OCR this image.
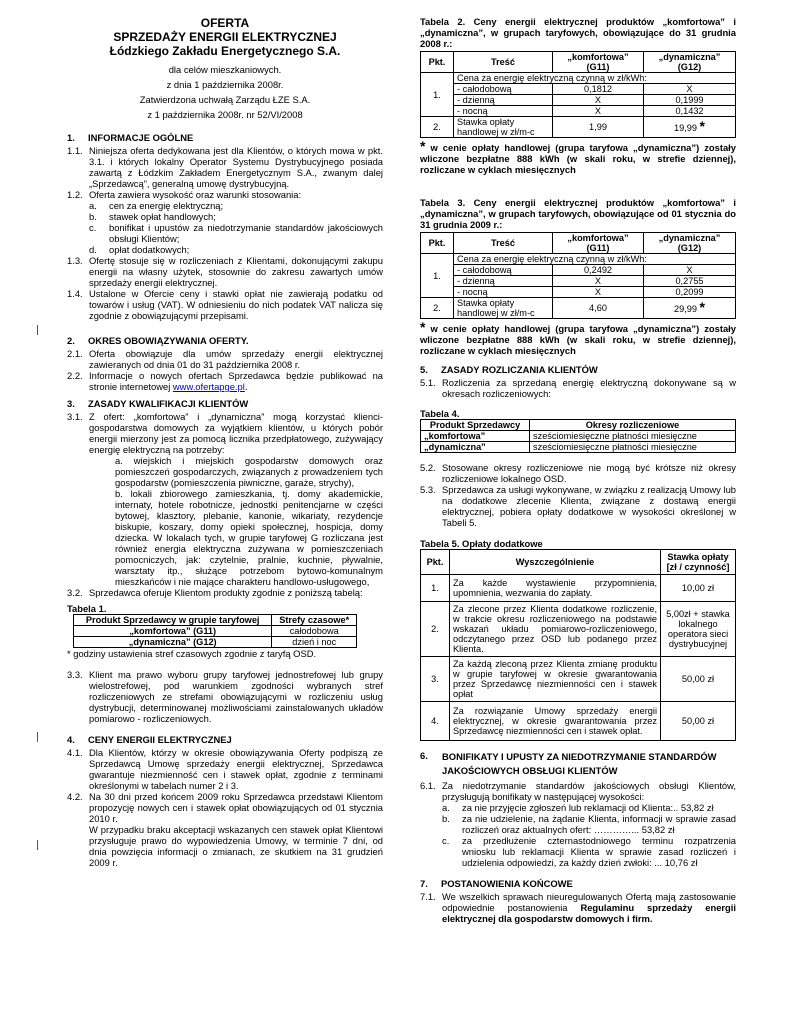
OFERTA
SPRZEDAŻY ENERGII ELEKTRYCZNEJ
Łódzkiego Zakładu Energetycznego S.A.
dla celów mieszkaniowych.
z dnia 1 października 2008r.
Zatwierdzona uchwałą Zarządu ŁZE S.A.
z 1 października 2008r. nr 52/VI/2008
1. INFORMACJE OGÓLNE
1.1. Niniejsza oferta dedykowana jest dla Klientów, o których mowa w pkt. 3.1. i których lokalny Operator Systemu Dystrybucyjnego posiada zawartą z Łódzkim Zakładem Energetycznym S.A., zwanym dalej „Sprzedawcą”, generalną umowę dystrybucyjną.
1.2. Oferta zawiera wysokość oraz warunki stosowania:
a.	cen za energię elektryczną;
b.	stawek opłat handlowych;
c.	bonifikat i upustów za niedotrzymanie standardów jakościowych obsługi Klientów;
d.	opłat dodatkowych;
1.3. Ofertę stosuje się w rozliczeniach z Klientami, dokonującymi zakupu energii na własny użytek, stosownie do zakresu zawartych umów sprzedaży energii elektrycznej.
1.4. Ustalone w Ofercie ceny i stawki opłat nie zawierają podatku od towarów i usług (VAT). W odniesieniu do nich podatek VAT nalicza się zgodnie z obowiązującymi przepisami.
2. OKRES OBOWIĄZYWANIA OFERTY.
2.1. Oferta obowiązuje dla umów sprzedaży energii elektrycznej zawieranych od dnia 01 do 31 października 2008 r.
2.2. Informacje o nowych ofertach Sprzedawca będzie publikować na stronie internetowej www.ofertapge.pl.
3. ZASADY KWALIFIKACJI KLIENTÓW
3.1. Z ofert: „komfortowa” i „dynamiczna” mogą korzystać klienci-gospodarstwa domowych za wyjątkiem klientów, u których pobór energii mierzony jest za pomocą licznika przedpłatowego, zużywający energię elektryczną na potrzeby:
a. wiejskich i miejskich gospodarstw domowych oraz pomieszczeń gospodarczych, związanych z prowadzeniem tych gospodarstw (pomieszczenia piwniczne, garaże, strychy),
b. lokali zbiorowego zamieszkania, tj. domy akademickie, internaty, hotele robotnicze, jednostki penitencjarne w części bytowej, klasztory, plebanie, kanonie, wikariaty, rezydencje biskupie, koszary, domy opieki społecznej, hospicja, domy dziecka. W lokalach tych, w grupie taryfowej G rozliczana jest również energia elektryczna zużywana w pomieszczeniach pomocniczych, jak: czytelnie, pralnie, kuchnie, pływalnie, warsztaty itp., służące potrzebom bytowo-komunalnym mieszkańców i nie mające charakteru handlowo-usługowego,
3.2. Sprzedawca oferuje Klientom produkty zgodnie z poniższą tabelą:
Tabela 1.
Produkt Sprzedawcy w grupie taryfowej	Strefy czasowe*
„komfortowa” (G11)	całodobowa
„dynamiczna” (G12)	dzień i noc
* godziny ustawienia stref czasowych zgodnie z taryfą OSD.
3.3. Klient ma prawo wyboru grupy taryfowej jednostrefowej lub grupy wielostrefowej, pod warunkiem zgodności wybranych stref rozliczeniowych ze strefami obowiązującymi w rozliczeniu usług dystrybucji, determinowanej możliwościami zainstalowanych układów pomiarowo - rozliczeniowych.
4. CENY ENERGII ELEKTRYCZNEJ
4.1. Dla Klientów, którzy w okresie obowiązywania Oferty podpiszą ze Sprzedawcą Umowę sprzedaży energii elektrycznej, Sprzedawca gwarantuje niezmienność cen i stawek opłat, zgodnie z terminami określonymi w tabelach numer 2 i 3.
4.2. Na 30 dni przed końcem 2009 roku Sprzedawca przedstawi Klientom propozycję nowych cen i stawek opłat obowiązujących od 01 stycznia 2010 r.
W przypadku braku akceptacji wskazanych cen stawek opłat Klientowi przysługuje prawo do wypowiedzenia Umowy, w terminie 7 dni, od dnia powzięcia informacji o zmianach, ze skutkiem na 31 grudzień 2009 r.
Tabela 2. Ceny energii elektrycznej produktów „komfortowa” i „dynamiczna”, w grupach taryfowych, obowiązujące do 31 grudnia 2008 r.:
Pkt.	Treść	„komfortowa” (G11)	„dynamiczna” (G12)
1.	Cena za energię elektryczną czynną w zł/kWh:		
	- całodobową	0,1812	X
	- dzienną	X	0,1999
	- nocną	X	0,1432
2.	Stawka opłaty handlowej w zł/m-c	1,99	19,99 *
* w cenie opłaty handlowej (grupa taryfowa „dynamiczna”) zostały wliczone bezpłatne 888 kWh (w skali roku, w strefie dziennej), rozliczane w cyklach miesięcznych
Tabela 3. Ceny energii elektrycznej produktów „komfortowa” i „dynamiczna”, w grupach taryfowych, obowiązujące od 01 stycznia do 31 grudnia 2009 r.:
Pkt.	Treść	„komfortowa” (G11)	„dynamiczna” (G12)
1.	Cena za energię elektryczną czynną w zł/kWh:		
	- całodobową	0,2492	X
	- dzienną	X	0,2755
	- nocną	X	0,2099
2.	Stawka opłaty handlowej w zł/m-c	4,60	29,99 *
* w cenie opłaty handlowej (grupa taryfowa „dynamiczna”) zostały wliczone bezpłatne 888 kWh (w skali roku, w strefie dziennej), rozliczane w cyklach miesięcznych
5. ZASADY ROZLICZANIA KLIENTÓW
5.1. Rozliczenia za sprzedaną energię elektryczną dokonywane są w okresach rozliczeniowych:
Tabela 4.
Produkt Sprzedawcy	Okresy rozliczeniowe
„komfortowa”	sześciomiesięczne płatności miesięczne
„dynamiczna”	sześciomiesięczne płatności miesięczne
5.2. Stosowane okresy rozliczeniowe nie mogą być krótsze niż okresy rozliczeniowe lokalnego OSD.
5.3. Sprzedawca za usługi wykonywane, w związku z realizacją Umowy lub na dodatkowe zlecenie Klienta, związane z dostawą energii elektrycznej, pobiera opłaty dodatkowe w wysokości określonej w Tabeli 5.
Tabela 5. Opłaty dodatkowe
Pkt.	Wyszczególnienie	Stawka opłaty [zł / czynność]
1.	Za każde wystawienie przypomnienia, upomnienia, wezwania do zapłaty.	10,00 zł
2.	Za zlecone przez Klienta dodatkowe rozliczenie, w trakcie okresu rozliczeniowego na podstawie wskazań układu pomiarowo-rozliczeniowego, odczytanego przez OSD lub podanego przez Klienta.	5,00zł + stawka lokalnego operatora sieci dystrybucyjnej
3.	Za każdą zleconą przez Klienta zmianę produktu w grupie taryfowej w okresie gwarantowania przez Sprzedawcę niezmienności cen i stawek opłat	50,00 zł
4.	Za rozwiązanie Umowy sprzedaży energii elektrycznej, w okresie gwarantowania przez Sprzedawcę niezmienności cen i stawek opłat.	50,00 zł
6.	BONIFIKATY I UPUSTY ZA NIEDOTRZYMANIE STANDARDÓW JAKOŚCIOWYCH OBSŁUGI KLIENTÓW
6.1. Za niedotrzymanie standardów jakościowych obsługi Klientów, przysługują bonifikaty w następującej wysokości:
a.	za nie przyjęcie zgłoszeń lub reklamacji od Klienta:.. 53,82 zł
b.	za nie udzielenie, na żądanie Klienta, informacji w sprawie zasad rozliczeń oraz aktualnych ofert: …………... 53,82 zł
c.	za przedłużenie czternastodniowego terminu rozpatrzenia wniosku lub reklamacji Klienta w sprawie zasad rozliczeń i udzielenia odpowiedzi, za każdy dzień zwłoki: ... 10,76 zł
7. POSTANOWIENIA KOŃCOWE
7.1. We wszelkich sprawach nieuregulowanych Ofertą mają zastosowanie odpowiednie postanowienia Regulaminu sprzedaży energii elektrycznej dla gospodarstw domowych i firm.
